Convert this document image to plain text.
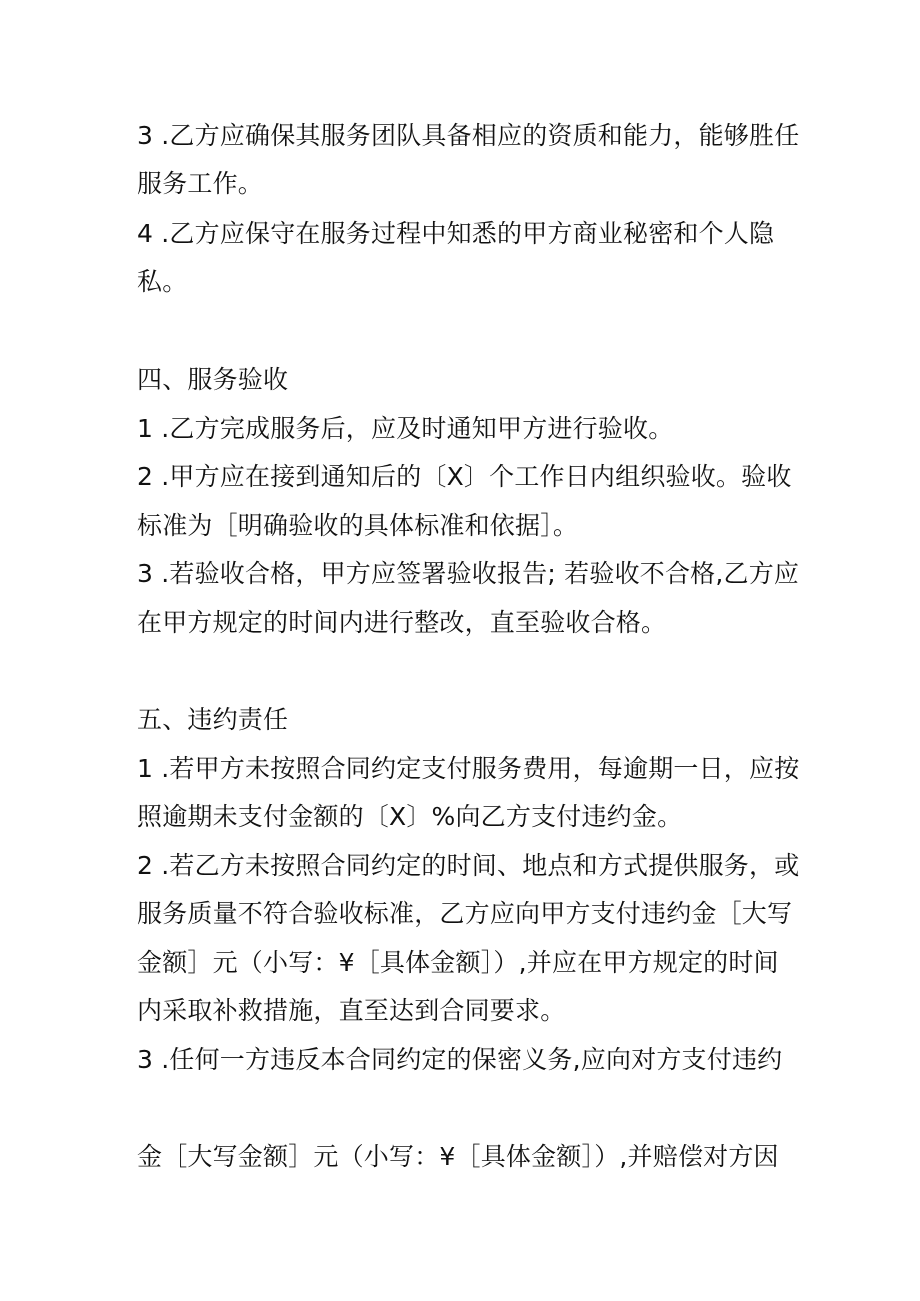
3 .乙方应确保其服务团队具备相应的资质和能力，能够胜任
服务工作。
4 .乙方应保守在服务过程中知悉的甲方商业秘密和个人隐
私。
四、服务验收
1 .乙方完成服务后，应及时通知甲方进行验收。
2 .甲方应在接到通知后的〔X〕个工作日内组织验收。验收
标准为［明确验收的具体标准和依据］。
3 .若验收合格，甲方应签署验收报告; 若验收不合格,乙方应
在甲方规定的时间内进行整改，直至验收合格。
五、违约责任
1 .若甲方未按照合同约定支付服务费用，每逾期一日，应按
照逾期未支付金额的〔X〕%向乙方支付违约金。
2 .若乙方未按照合同约定的时间、地点和方式提供服务，或
服务质量不符合验收标准，乙方应向甲方支付违约金［大写
金额］元（小写：¥［具体金额］）,并应在甲方规定的时间
内采取补救措施，直至达到合同要求。
3 .任何一方违反本合同约定的保密义务,应向对方支付违约
金［大写金额］元（小写：¥［具体金额］）,并赔偿对方因
